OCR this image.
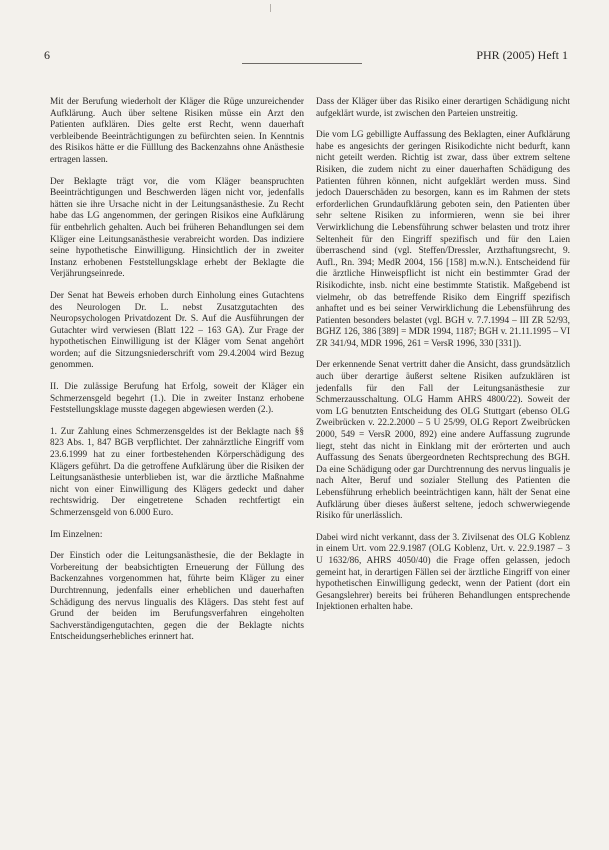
6	PHR (2005) Heft 1

Mit der Berufung wiederholt der Kläger die Rüge unzureichender Aufklärung. Auch über seltene Risiken müsse ein Arzt den Patienten aufklären. Dies gelte erst Recht, wenn dauerhaft verbleibende Beeinträchtigungen zu befürchten seien. In Kenntnis des Risikos hätte er die Fülllung des Backenzahns ohne Anästhesie ertragen lassen.

Der Beklagte trägt vor, die vom Kläger beanspruchten Beeinträchtigungen und Beschwerden lägen nicht vor, jedenfalls hätten sie ihre Ursache nicht in der Leitungsanästhesie. Zu Recht habe das LG angenommen, der geringen Risikos eine Aufklärung für entbehrlich gehalten. Auch bei früheren Behandlungen sei dem Kläger eine Leitungsanästhesie verabreicht worden. Das indiziere seine hypothetische Einwilligung. Hinsichtlich der in zweiter Instanz erhobenen Feststellungsklage erhebt der Beklagte die Verjährungseinrede.

Der Senat hat Beweis erhoben durch Einholung eines Gutachtens des Neurologen Dr. L. nebst Zusatzgutachten des Neuropsychologen Privatdozent Dr. S. Auf die Ausführungen der Gutachter wird verwiesen (Blatt 122 – 163 GA). Zur Frage der hypothetischen Einwilligung ist der Kläger vom Senat angehört worden; auf die Sitzungsniederschrift vom 29.4.2004 wird Bezug genommen.

II. Die zulässige Berufung hat Erfolg, soweit der Kläger ein Schmerzensgeld begehrt (1.). Die in zweiter Instanz erhobene Feststellungsklage musste dagegen abgewiesen werden (2.).

1. Zur Zahlung eines Schmerzensgeldes ist der Beklagte nach §§ 823 Abs. 1, 847 BGB verpflichtet. Der zahnärztliche Eingriff vom 23.6.1999 hat zu einer fortbestehenden Körperschädigung des Klägers geführt. Da die getroffene Aufklärung über die Risiken der Leitungsanästhesie unterblieben ist, war die ärztliche Maßnahme nicht von einer Einwilligung des Klägers gedeckt und daher rechtswidrig. Der eingetretene Schaden rechtfertigt ein Schmerzensgeld von 6.000 Euro.

Im Einzelnen:

Der Einstich oder die Leitungsanästhesie, die der Beklagte in Vorbereitung der beabsichtigten Erneuerung der Füllung des Backenzahnes vorgenommen hat, führte beim Kläger zu einer Durchtrennung, jedenfalls einer erheblichen und dauerhaften Schädigung des nervus lingualis des Klägers. Das steht fest auf Grund der beiden im Berufungsverfahren eingeholten Sachverständigengutachten, gegen die der Beklagte nichts Entscheidungserhebliches erinnert hat.

Dass der Kläger über das Risiko einer derartigen Schädigung nicht aufgeklärt wurde, ist zwischen den Parteien unstreitig.

Die vom LG gebilligte Auffassung des Beklagten, einer Aufklärung habe es angesichts der geringen Risikodichte nicht bedurft, kann nicht geteilt werden. Richtig ist zwar, dass über extrem seltene Risiken, die zudem nicht zu einer dauerhaften Schädigung des Patienten führen können, nicht aufgeklärt werden muss. Sind jedoch Dauerschäden zu besorgen, kann es im Rahmen der stets erforderlichen Grundaufklärung geboten sein, den Patienten über sehr seltene Risiken zu informieren, wenn sie bei ihrer Verwirklichung die Lebensführung schwer belasten und trotz ihrer Seltenheit für den Eingriff spezifisch und für den Laien überraschend sind (vgl. Steffen/Dressler, Arzthaftungsrecht, 9. Aufl., Rn. 394; MedR 2004, 156 [158] m.w.N.). Entscheidend für die ärztliche Hinweispflicht ist nicht ein bestimmter Grad der Risikodichte, insb. nicht eine bestimmte Statistik. Maßgebend ist vielmehr, ob das betreffende Risiko dem Eingriff spezifisch anhaftet und es bei seiner Verwirklichung die Lebensführung des Patienten besonders belastet (vgl. BGH v. 7.7.1994 – III ZR 52/93, BGHZ 126, 386 [389] = MDR 1994, 1187; BGH v. 21.11.1995 – VI ZR 341/94, MDR 1996, 261 = VersR 1996, 330 [331]).

Der erkennende Senat vertritt daher die Ansicht, dass grundsätzlich auch über derartige äußerst seltene Risiken aufzuklären ist jedenfalls für den Fall der Leitungsanästhesie zur Schmerzausschaltung. OLG Hamm AHRS 4800/22). Soweit der vom LG benutzten Entscheidung des OLG Stuttgart (ebenso OLG Zweibrücken v. 22.2.2000 – 5 U 25/99, OLG Report Zweibrücken 2000, 549 = VersR 2000, 892) eine andere Auffassung zugrunde liegt, steht das nicht in Einklang mit der erörterten und auch Auffassung des Senats übergeordneten Rechtsprechung des BGH. Da eine Schädigung oder gar Durchtrennung des nervus lingualis je nach Alter, Beruf und sozialer Stellung des Patienten die Lebensführung erheblich beeinträchtigen kann, hält der Senat eine Aufklärung über dieses äußerst seltene, jedoch schwerwiegende Risiko für unerlässlich.

Dabei wird nicht verkannt, dass der 3. Zivilsenat des OLG Koblenz in einem Urt. vom 22.9.1987 (OLG Koblenz, Urt. v. 22.9.1987 – 3 U 1632/86, AHRS 4050/40) die Frage offen gelassen, jedoch gemeint hat, in derartigen Fällen sei der ärztliche Eingriff von einer hypothetischen Einwilligung gedeckt, wenn der Patient (dort ein Gesangslehrer) bereits bei früheren Behandlungen entsprechende Injektionen erhalten habe.
